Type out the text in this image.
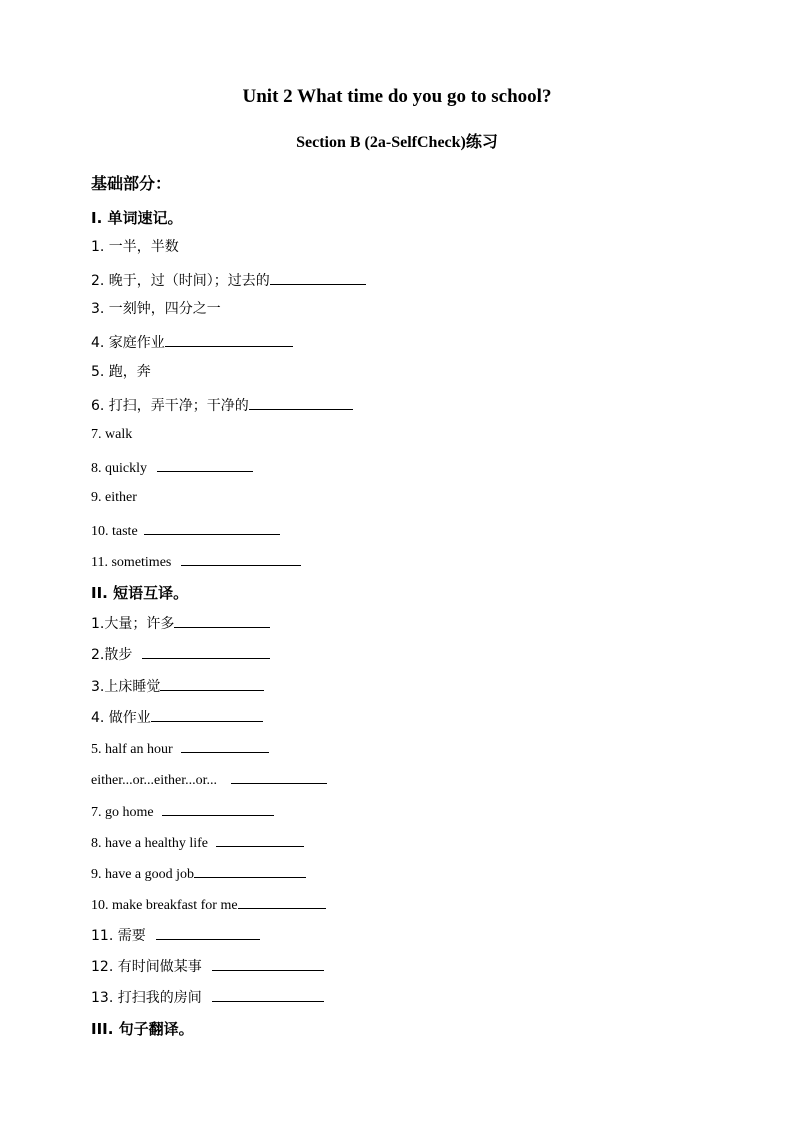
Unit 2 What time do you go to school?
Section B (2a-SelfCheck)练习
基础部分：
I. 单词速记。
1. 一半，半数
2. 晚于，过（时间）；过去的
3. 一刻钟，四分之一
4. 家庭作业
5. 跑，奔
6. 打扫，弄干净；干净的
7. walk
8. quickly
9. either
10. taste
11. sometimes
II. 短语互译。
1.大量；许多
2.散步
3.上床睡觉
4. 做作业
5. half an hour
either...or...either...or...
7. go home
8. have a healthy life
9. have a good job
10. make breakfast for me
11. 需要
12. 有时间做某事
13. 打扫我的房间
III. 句子翻译。
